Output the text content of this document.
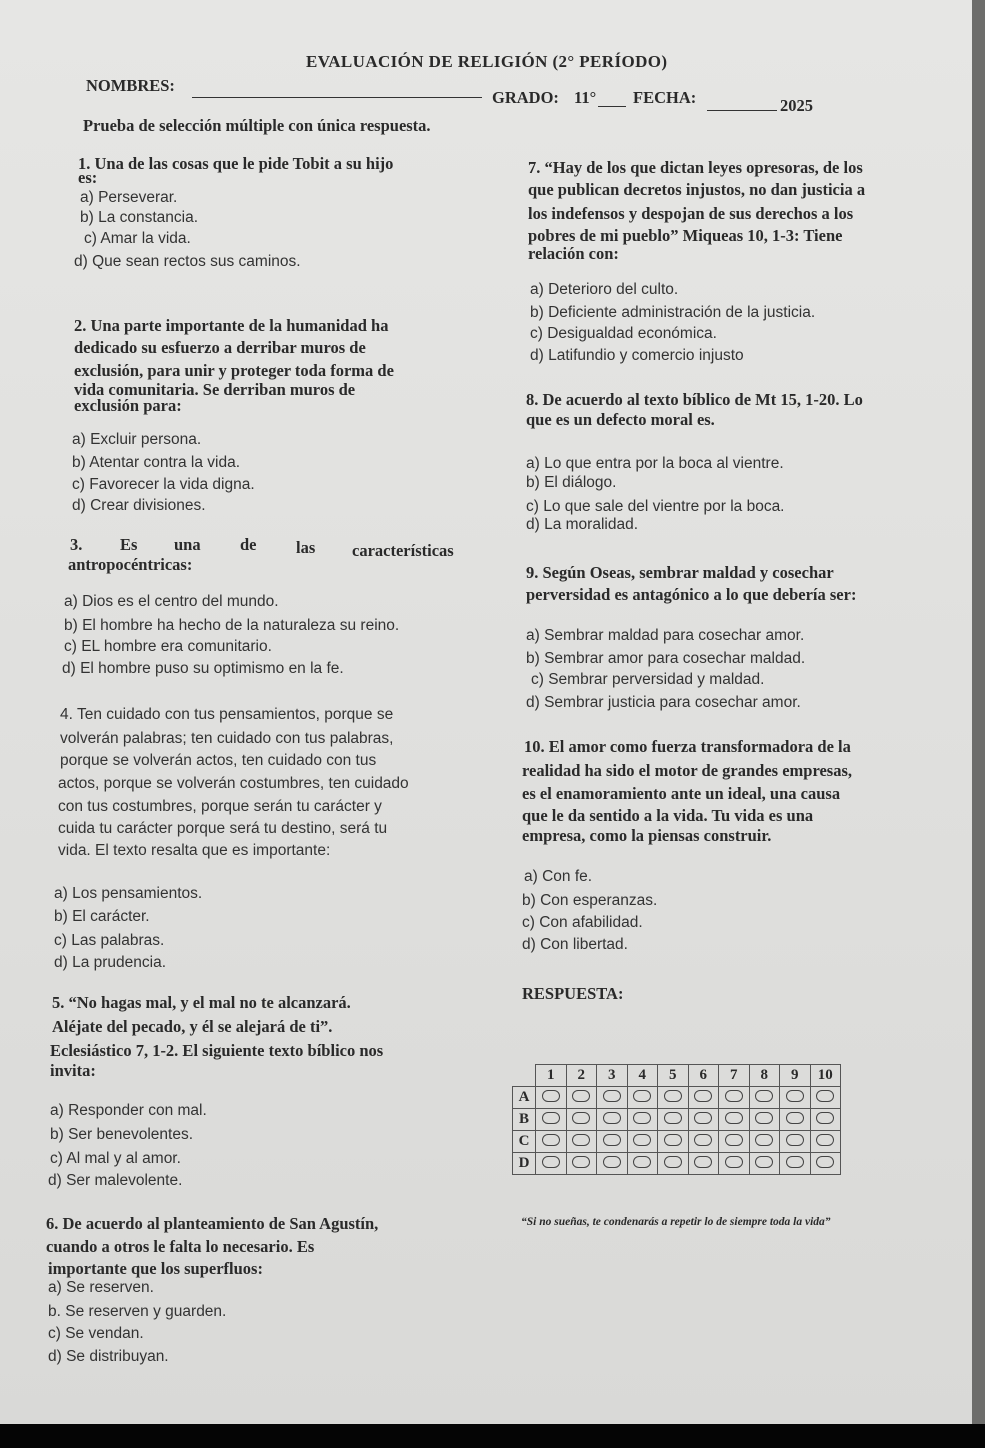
EVALUACIÓN DE RELIGIÓN (2° PERÍODO)
NOMBRES:
GRADO: 11° FECHA:	2025
Prueba de selección múltiple con única respuesta.
1. Una de las cosas que le pide Tobit a su hijo
es:
a) Perseverar.
b) La constancia.
c) Amar la vida.
d) Que sean rectos sus caminos.
2. Una parte importante de la humanidad ha
dedicado su esfuerzo a derribar muros de
exclusión, para unir y proteger toda forma de
vida comunitaria. Se derriban muros de
exclusión para:
a) Excluir persona.
b) Atentar contra la vida.
c) Favorecer la vida digna.
d) Crear divisiones.
3. Es una de las características
antropocéntricas:
a) Dios es el centro del mundo.
b) El hombre ha hecho de la naturaleza su reino.
c) EL hombre era comunitario.
d) El hombre puso su optimismo en la fe.
4. Ten cuidado con tus pensamientos, porque se
volverán palabras; ten cuidado con tus palabras,
porque se volverán actos, ten cuidado con tus
actos, porque se volverán costumbres, ten cuidado
con tus costumbres, porque serán tu carácter y
cuida tu carácter porque será tu destino, será tu
vida. El texto resalta que es importante:
a) Los pensamientos.
b) El carácter.
c) Las palabras.
d) La prudencia.
5. “No hagas mal, y el mal no te alcanzará.
Aléjate del pecado, y él se alejará de ti”.
Eclesiástico 7, 1-2. El siguiente texto bíblico nos
invita:
a) Responder con mal.
b) Ser benevolentes.
c) Al mal y al amor.
d) Ser malevolente.
6. De acuerdo al planteamiento de San Agustín,
cuando a otros le falta lo necesario. Es
importante que los superfluos:
a) Se reserven.
b. Se reserven y guarden.
c) Se vendan.
d) Se distribuyan.
7. “Hay de los que dictan leyes opresoras, de los
que publican decretos injustos, no dan justicia a
los indefensos y despojan de sus derechos a los
pobres de mi pueblo” Miqueas 10, 1-3: Tiene
relación con:
a) Deterioro del culto.
b) Deficiente administración de la justicia.
c) Desigualdad económica.
d) Latifundio y comercio injusto
8. De acuerdo al texto bíblico de Mt 15, 1-20. Lo
que es un defecto moral es.
a) Lo que entra por la boca al vientre.
b) El diálogo.
c) Lo que sale del vientre por la boca.
d) La moralidad.
9. Según Oseas, sembrar maldad y cosechar
perversidad es antagónico a lo que debería ser:
a) Sembrar maldad para cosechar amor.
b) Sembrar amor para cosechar maldad.
c) Sembrar perversidad y maldad.
d) Sembrar justicia para cosechar amor.
10. El amor como fuerza transformadora de la
realidad ha sido el motor de grandes empresas,
es el enamoramiento ante un ideal, una causa
que le da sentido a la vida. Tu vida es una
empresa, como la piensas construir.
a) Con fe.
b) Con esperanzas.
c) Con afabilidad.
d) Con libertad.
RESPUESTA:
	1	2	3	4	5	6	7	8	9	10
A										
B										
C										
D										
“Si no sueñas, te condenarás a repetir lo de siempre toda la vida”
